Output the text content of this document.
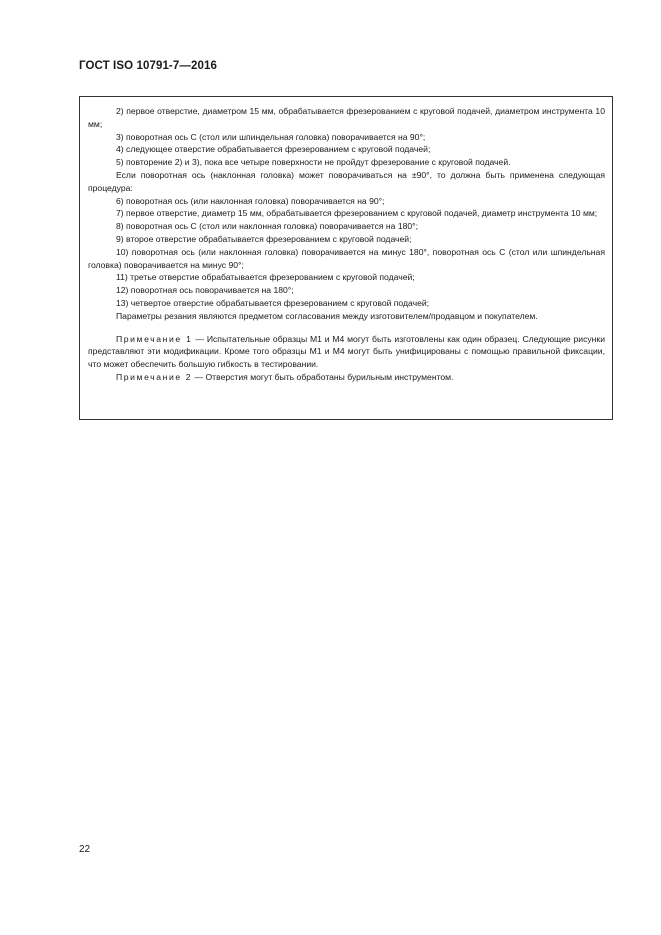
ГОСТ ISO 10791-7—2016

2) первое отверстие, диаметром 15 мм, обрабатывается фрезерованием с круговой подачей, диаметром инструмента 10 мм;

3) поворотная ось С (стол или шпиндельная головка) поворачивается на 90°;

4) следующее отверстие обрабатывается фрезерованием с круговой подачей;

5) повторение 2) и 3), пока все четыре поверхности не пройдут фрезерование с круговой подачей.

Если поворотная ось (наклонная головка) может поворачиваться на ±90°, то должна быть применена следующая процедура:

6) поворотная ось (или наклонная головка) поворачивается на 90°;

7) первое отверстие, диаметр 15 мм, обрабатывается фрезерованием с круговой подачей, диаметр инструмента 10 мм;

8) поворотная ось С (стол или наклонная головка) поворачивается на 180°;

9) второе отверстие обрабатывается фрезерованием с круговой подачей;

10) поворотная ось (или наклонная головка) поворачивается на минус 180°, поворотная ось С (стол или шпиндельная головка) поворачивается на минус 90°;

11) третье отверстие обрабатывается фрезерованием с круговой подачей;

12) поворотная ось поворачивается на 180°;

13) четвертое отверстие обрабатывается фрезерованием с круговой подачей;

Параметры резания являются предметом согласования между изготовителем/продавцом и покупателем.

Примечание 1 — Испытательные образцы М1 и М4 могут быть изготовлены как один образец. Следующие рисунки представляют эти модификации. Кроме того образцы М1 и М4 могут быть унифицированы с помощью правильной фиксации, что может обеспечить большую гибкость в тестировании.

Примечание 2 — Отверстия могут быть обработаны бурильным инструментом.

22
